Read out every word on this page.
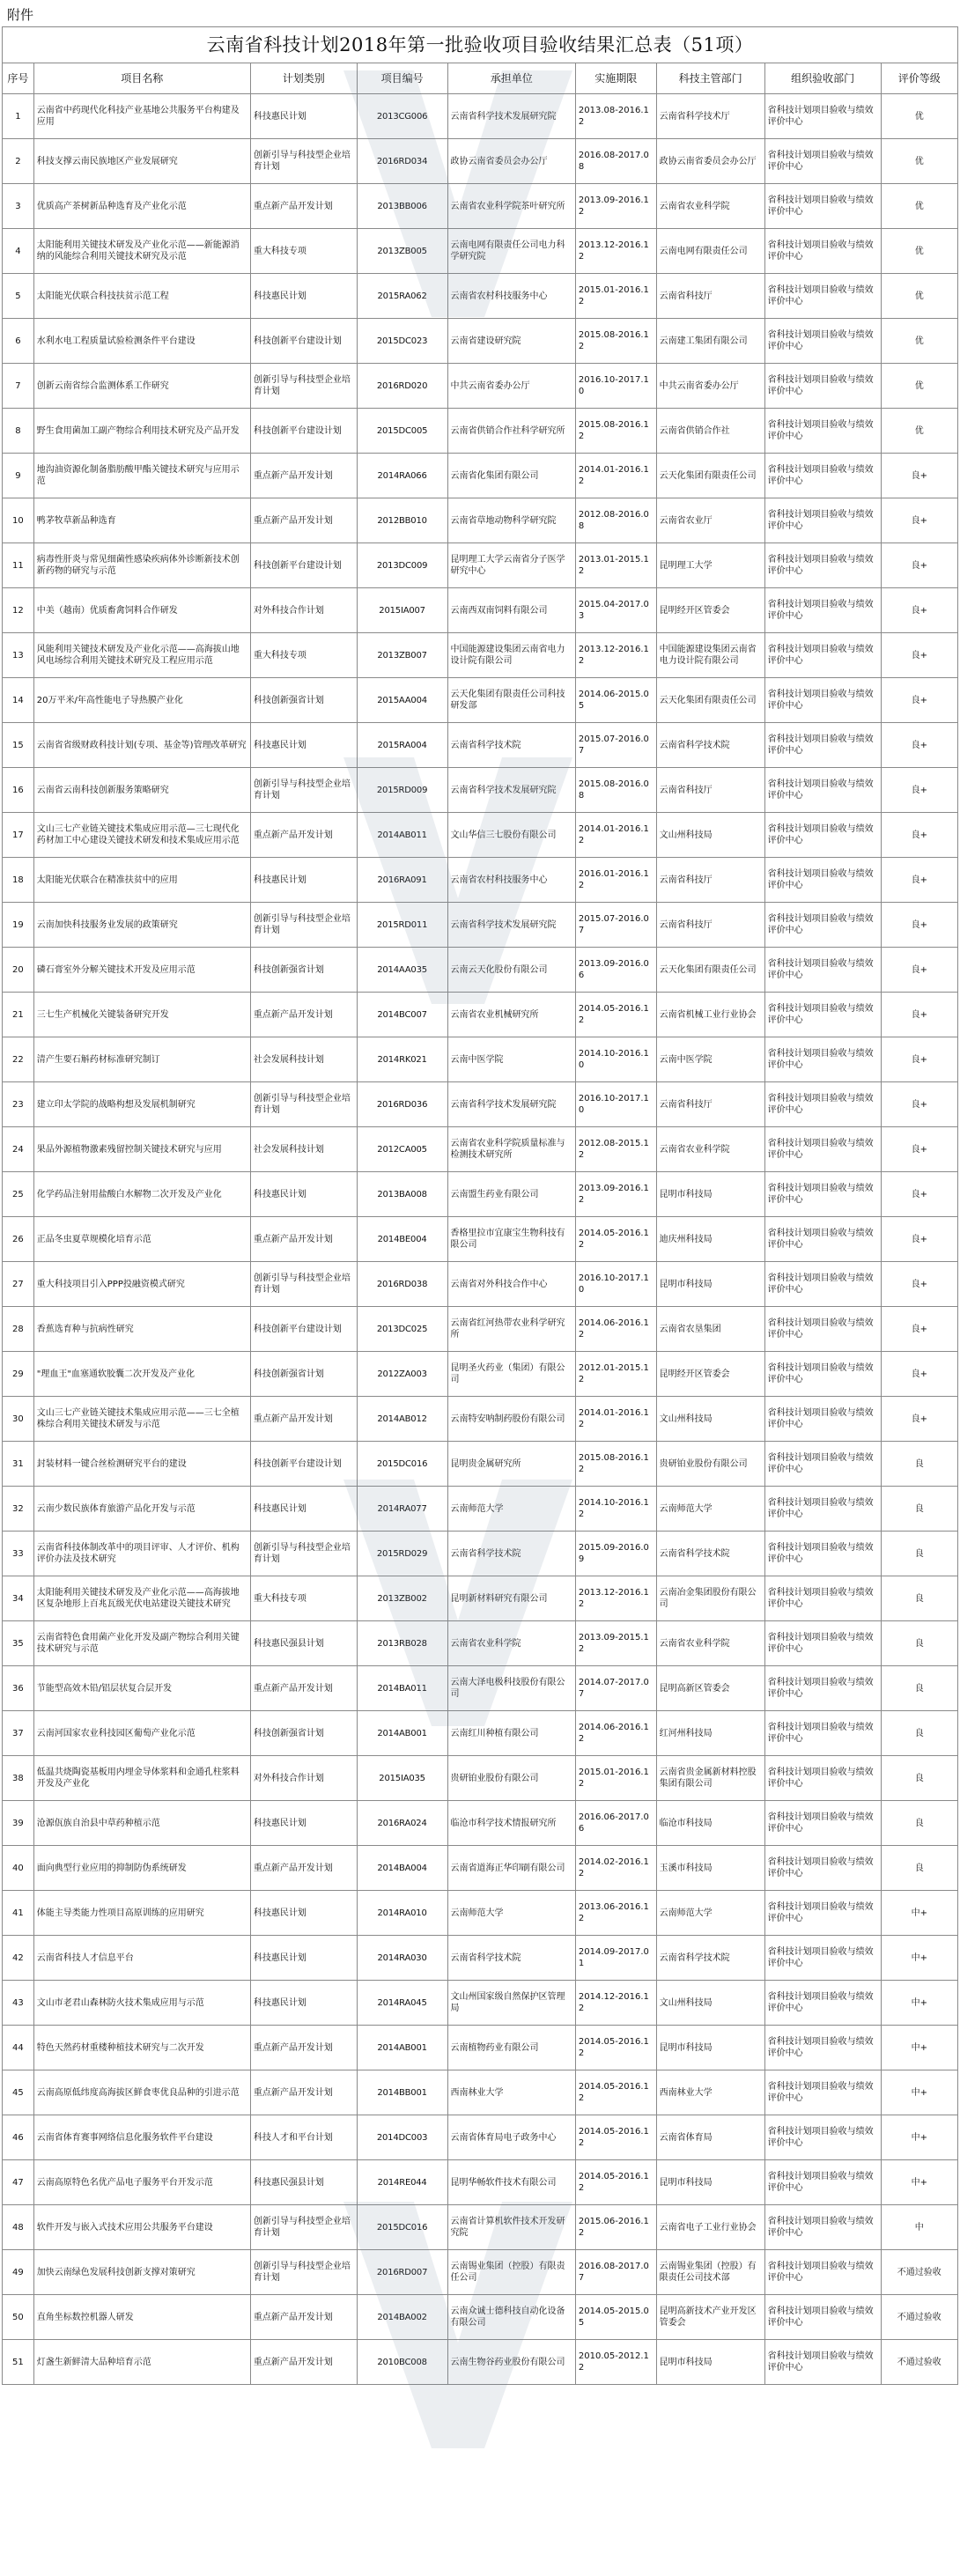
附件
云南省科技计划2018年第一批验收项目验收结果汇总表（51项）								
序号	项目名称	计划类别	项目编号	承担单位	实施期限	科技主管部门	组织验收部门	评价等级
1	云南省中药现代化科技产业基地公共服务平台构建及应用	科技惠民计划	2013CG006	云南省科学技术发展研究院	2013.08-2016.12	云南省科学技术厅	省科技计划项目验收与绩效评价中心	优
2	科技支撑云南民族地区产业发展研究	创新引导与科技型企业培育计划	2016RD034	政协云南省委员会办公厅	2016.08-2017.08	政协云南省委员会办公厅	省科技计划项目验收与绩效评价中心	优
3	优质高产茶树新品种选育及产业化示范	重点新产品开发计划	2013BB006	云南省农业科学院茶叶研究所	2013.09-2016.12	云南省农业科学院	省科技计划项目验收与绩效评价中心	优
4	太阳能利用关键技术研发及产业化示范——新能源消纳的风能综合利用关键技术研究及示范	重大科技专项	2013ZB005	云南电网有限责任公司电力科学研究院	2013.12-2016.12	云南电网有限责任公司	省科技计划项目验收与绩效评价中心	优
5	太阳能光伏联合科技扶贫示范工程	科技惠民计划	2015RA062	云南省农村科技服务中心	2015.01-2016.12	云南省科技厅	省科技计划项目验收与绩效评价中心	优
6	水利水电工程质量试验检测条件平台建设	科技创新平台建设计划	2015DC023	云南省建设研究院	2015.08-2016.12	云南建工集团有限公司	省科技计划项目验收与绩效评价中心	优
7	创新云南省综合监测体系工作研究	创新引导与科技型企业培育计划	2016RD020	中共云南省委办公厅	2016.10-2017.10	中共云南省委办公厅	省科技计划项目验收与绩效评价中心	优
8	野生食用菌加工副产物综合利用技术研究及产品开发	科技创新平台建设计划	2015DC005	云南省供销合作社科学研究所	2015.08-2016.12	云南省供销合作社	省科技计划项目验收与绩效评价中心	优
9	地沟油资源化制备脂肪酸甲酯关键技术研究与应用示范	重点新产品开发计划	2014RA066	云南省化集团有限公司	2014.01-2016.12	云天化集团有限责任公司	省科技计划项目验收与绩效评价中心	良+
10	鸭茅牧草新品种选育	重点新产品开发计划	2012BB010	云南省草地动物科学研究院	2012.08-2016.08	云南省农业厅	省科技计划项目验收与绩效评价中心	良+
11	病毒性肝炎与常见细菌性感染疾病体外诊断新技术创新药物的研究与示范	科技创新平台建设计划	2013DC009	昆明理工大学云南省分子医学研究中心	2013.01-2015.12	昆明理工大学	省科技计划项目验收与绩效评价中心	良+
12	中美（越南）优质畜禽饲料合作研发	对外科技合作计划	2015IA007	云南西双南饲料有限公司	2015.04-2017.03	昆明经开区管委会	省科技计划项目验收与绩效评价中心	良+
13	风能利用关键技术研发及产业化示范——高海拔山地风电场综合利用关键技术研究及工程应用示范	重大科技专项	2013ZB007	中国能源建设集团云南省电力设计院有限公司	2013.12-2016.12	中国能源建设集团云南省电力设计院有限公司	省科技计划项目验收与绩效评价中心	良+
14	20万平米/年高性能电子导热膜产业化	科技创新强省计划	2015AA004	云天化集团有限责任公司科技研发部	2014.06-2015.05	云天化集团有限责任公司	省科技计划项目验收与绩效评价中心	良+
15	云南省省级财政科技计划(专项、基金等)管理改革研究	科技惠民计划	2015RA004	云南省科学技术院	2015.07-2016.07	云南省科学技术院	省科技计划项目验收与绩效评价中心	良+
16	云南省云南科技创新服务策略研究	创新引导与科技型企业培育计划	2015RD009	云南省科学技术发展研究院	2015.08-2016.08	云南省科技厅	省科技计划项目验收与绩效评价中心	良+
17	文山三七产业链关键技术集成应用示范—三七现代化药材加工中心建设关键技术研发和技术集成应用示范	重点新产品开发计划	2014AB011	文山华信三七股份有限公司	2014.01-2016.12	文山州科技局	省科技计划项目验收与绩效评价中心	良+
18	太阳能光伏联合在精准扶贫中的应用	科技惠民计划	2016RA091	云南省农村科技服务中心	2016.01-2016.12	云南省科技厅	省科技计划项目验收与绩效评价中心	良+
19	云南加快科技服务业发展的政策研究	创新引导与科技型企业培育计划	2015RD011	云南省科学技术发展研究院	2015.07-2016.07	云南省科技厅	省科技计划项目验收与绩效评价中心	良+
20	磷石膏室外分解关键技术开发及应用示范	科技创新强省计划	2014AA035	云南云天化股份有限公司	2013.09-2016.06	云天化集团有限责任公司	省科技计划项目验收与绩效评价中心	良+
21	三七生产机械化关键装备研究开发	重点新产品开发计划	2014BC007	云南省农业机械研究所	2014.05-2016.12	云南省机械工业行业协会	省科技计划项目验收与绩效评价中心	良+
22	清产生要石斛药材标准研究制订	社会发展科技计划	2014RK021	云南中医学院	2014.10-2016.10	云南中医学院	省科技计划项目验收与绩效评价中心	良+
23	建立印太学院的战略构想及发展机制研究	创新引导与科技型企业培育计划	2016RD036	云南省科学技术发展研究院	2016.10-2017.10	云南省科技厅	省科技计划项目验收与绩效评价中心	良+
24	果品外源植物激素残留控制关键技术研究与应用	社会发展科技计划	2012CA005	云南省农业科学院质量标准与检测技术研究所	2012.08-2015.12	云南省农业科学院	省科技计划项目验收与绩效评价中心	良+
25	化学药品注射用盐酸白水解物二次开发及产业化	科技惠民计划	2013BA008	云南盟生药业有限公司	2013.09-2016.12	昆明市科技局	省科技计划项目验收与绩效评价中心	良+
26	正品冬虫夏草规模化培育示范	重点新产品开发计划	2014BE004	香格里拉市宜康宝生物科技有限公司	2014.05-2016.12	迪庆州科技局	省科技计划项目验收与绩效评价中心	良+
27	重大科技项目引入PPP投融资模式研究	创新引导与科技型企业培育计划	2016RD038	云南省对外科技合作中心	2016.10-2017.10	昆明市科技局	省科技计划项目验收与绩效评价中心	良+
28	香蕉选育种与抗病性研究	科技创新平台建设计划	2013DC025	云南省红河热带农业科学研究所	2014.06-2016.12	云南省农垦集团	省科技计划项目验收与绩效评价中心	良+
29	"理血王"血塞通软胶囊二次开发及产业化	科技创新强省计划	2012ZA003	昆明圣火药业（集团）有限公司	2012.01-2015.12	昆明经开区管委会	省科技计划项目验收与绩效评价中心	良+
30	文山三七产业链关键技术集成应用示范——三七全植株综合利用关键技术研发与示范	重点新产品开发计划	2014AB012	云南特安呐制药股份有限公司	2014.01-2016.12	文山州科技局	省科技计划项目验收与绩效评价中心	良+
31	封装材料一键合丝检测研究平台的建设	科技创新平台建设计划	2015DC016	昆明贵金属研究所	2015.08-2016.12	贵研铂业股份有限公司	省科技计划项目验收与绩效评价中心	良
32	云南少数民族体育旅游产品化开发与示范	科技惠民计划	2014RA077	云南师范大学	2014.10-2016.12	云南师范大学	省科技计划项目验收与绩效评价中心	良
33	云南省科技体制改革中的项目评审、人才评价、机构评价办法及技术研究	创新引导与科技型企业培育计划	2015RD029	云南省科学技术院	2015.09-2016.09	云南省科学技术院	省科技计划项目验收与绩效评价中心	良
34	太阳能利用关键技术研发及产业化示范——高海拔地区复杂地形上百兆瓦级光伏电站建设关键技术研究	重大科技专项	2013ZB002	昆明新材料研究有限公司	2013.12-2016.12	云南冶金集团股份有限公司	省科技计划项目验收与绩效评价中心	良
35	云南省特色食用菌产业化开发及副产物综合利用关键技术研究与示范	科技惠民强县计划	2013RB028	云南省农业科学院	2013.09-2015.12	云南省农业科学院	省科技计划项目验收与绩效评价中心	良
36	节能型高效木铅/铝层状复合层开发	重点新产品开发计划	2014BA011	云南大泽电极科技股份有限公司	2014.07-2017.07	昆明高新区管委会	省科技计划项目验收与绩效评价中心	良
37	云南河国家农业科技园区葡萄产业化示范	科技创新强省计划	2014AB001	云南红川种植有限公司	2014.06-2016.12	红河州科技局	省科技计划项目验收与绩效评价中心	良
38	低温共烧陶瓷基板用内埋金导体浆料和金通孔柱浆料开发及产业化	对外科技合作计划	2015IA035	贵研铂业股份有限公司	2015.01-2016.12	云南省贵金属新材料控股集团有限公司	省科技计划项目验收与绩效评价中心	良
39	沧源佤族自治县中草药种植示范	科技惠民计划	2016RA024	临沧市科学技术情报研究所	2016.06-2017.06	临沧市科技局	省科技计划项目验收与绩效评价中心	良
40	面向典型行业应用的抑制防伪系统研发	重点新产品开发计划	2014BA004	云南省道海正华印刷有限公司	2014.02-2016.12	玉溪市科技局	省科技计划项目验收与绩效评价中心	良
41	体能主导类能力性项目高原训练的应用研究	科技惠民计划	2014RA010	云南师范大学	2013.06-2016.12	云南师范大学	省科技计划项目验收与绩效评价中心	中+
42	云南省科技人才信息平台	科技惠民计划	2014RA030	云南省科学技术院	2014.09-2017.01	云南省科学技术院	省科技计划项目验收与绩效评价中心	中+
43	文山市老君山森林防火技术集成应用与示范	科技惠民计划	2014RA045	文山州国家级自然保护区管理局	2014.12-2016.12	文山州科技局	省科技计划项目验收与绩效评价中心	中+
44	特色天然药材重楼种植技术研究与二次开发	重点新产品开发计划	2014AB001	云南植物药业有限公司	2014.05-2016.12	昆明市科技局	省科技计划项目验收与绩效评价中心	中+
45	云南高原低纬度高海拔区鲜食枣优良品种的引进示范	重点新产品开发计划	2014BB001	西南林业大学	2014.05-2016.12	西南林业大学	省科技计划项目验收与绩效评价中心	中+
46	云南省体育赛事网络信息化服务软件平台建设	科技人才和平台计划	2014DC003	云南省体育局电子政务中心	2014.05-2016.12	云南省体育局	省科技计划项目验收与绩效评价中心	中+
47	云南高原特色名优产品电子服务平台开发示范	科技惠民强县计划	2014RE044	昆明华畅软件技术有限公司	2014.05-2016.12	昆明市科技局	省科技计划项目验收与绩效评价中心	中+
48	软件开发与嵌入式技术应用公共服务平台建设	创新引导与科技型企业培育计划	2015DC016	云南省计算机软件技术开发研究院	2015.06-2016.12	云南省电子工业行业协会	省科技计划项目验收与绩效评价中心	中
49	加快云南绿色发展科技创新支撑对策研究	创新引导与科技型企业培育计划	2016RD007	云南锡业集团（控股）有限责任公司	2016.08-2017.07	云南锡业集团（控股）有限责任公司技术部	省科技计划项目验收与绩效评价中心	不通过验收
50	直角坐标数控机器人研发	重点新产品开发计划	2014BA002	云南众诚士德科技自动化设备有限公司	2014.05-2015.05	昆明高新技术产业开发区管委会	省科技计划项目验收与绩效评价中心	不通过验收
51	灯盏生新鲜清大品种培育示范	重点新产品开发计划	2010BC008	云南生物谷药业股份有限公司	2010.05-2012.12	昆明市科技局	省科技计划项目验收与绩效评价中心	不通过验收
